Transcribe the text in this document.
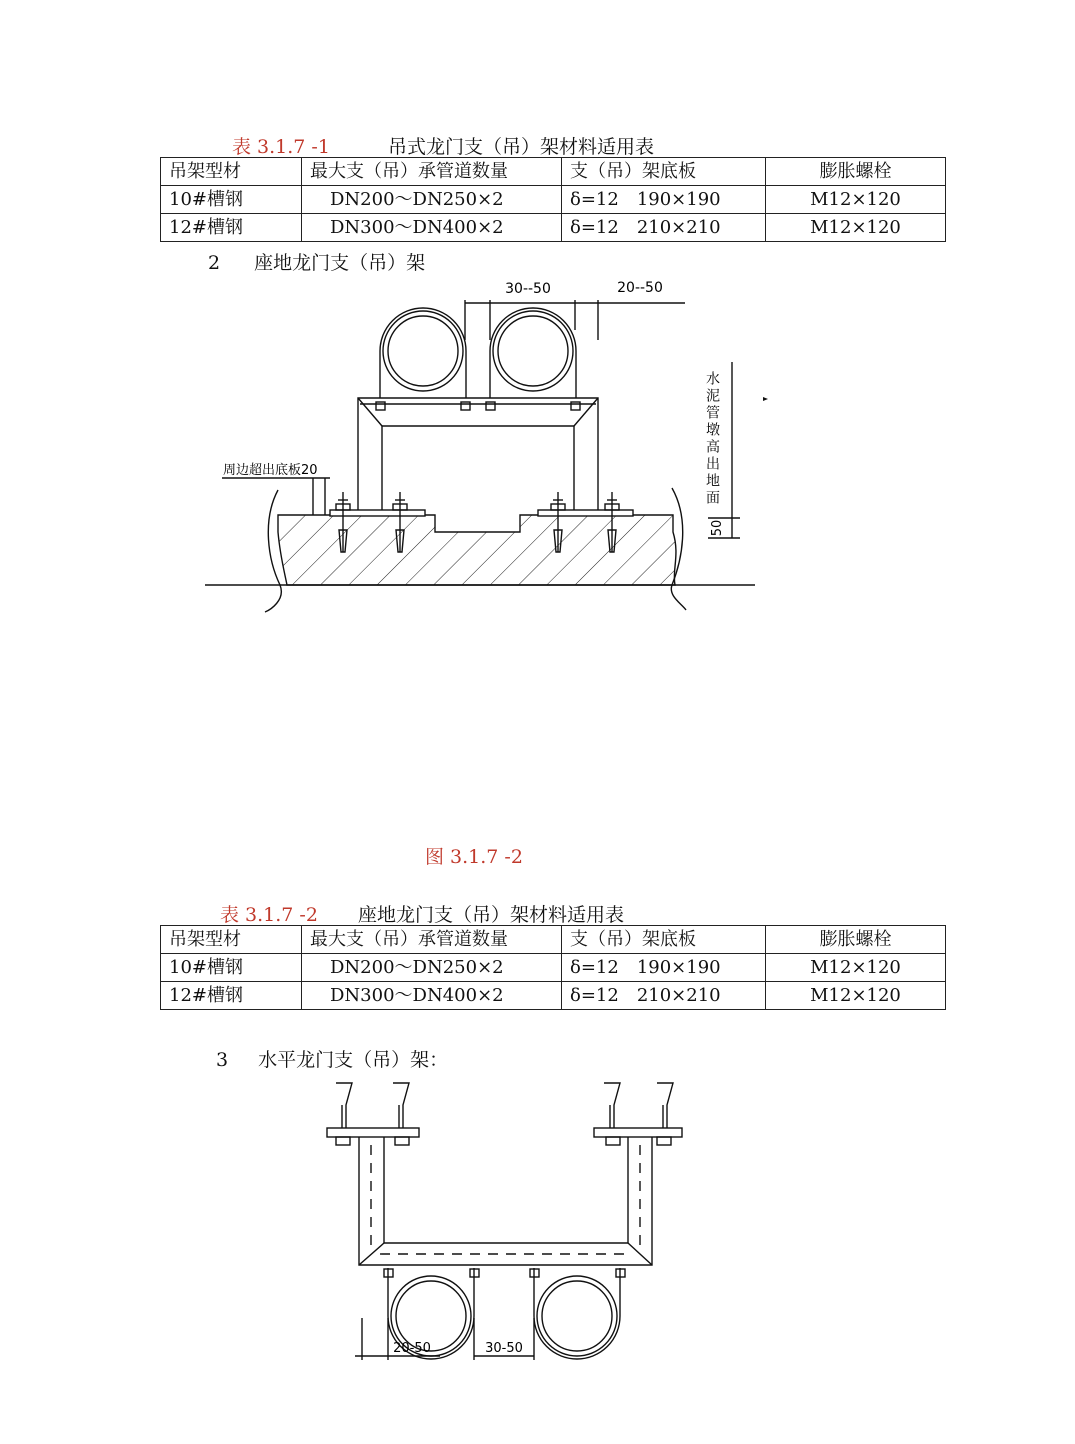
表 3.1.7 -1	吊式龙门支（吊）架材料适用表
吊架型材	最大支（吊）承管道数量	支（吊）架底板	膨胀螺栓
10#槽钢	DN200～DN250×2	δ=12　190×190	M12×120
12#槽钢	DN300～DN400×2	δ=12　210×210	M12×120
2 座地龙门支（吊）架
30--50	20--50
周边超出底板20	水泥管墩高出地面
50
图 3.1.7 -2
表 3.1.7 -2 座地龙门支（吊）架材料适用表
吊架型材	最大支（吊）承管道数量	支（吊）架底板	膨胀螺栓
10#槽钢	DN200～DN250×2	δ=12　190×190	M12×120
12#槽钢	DN300～DN400×2	δ=12　210×210	M12×120
3 水平龙门支（吊）架：
20-50	30-50
